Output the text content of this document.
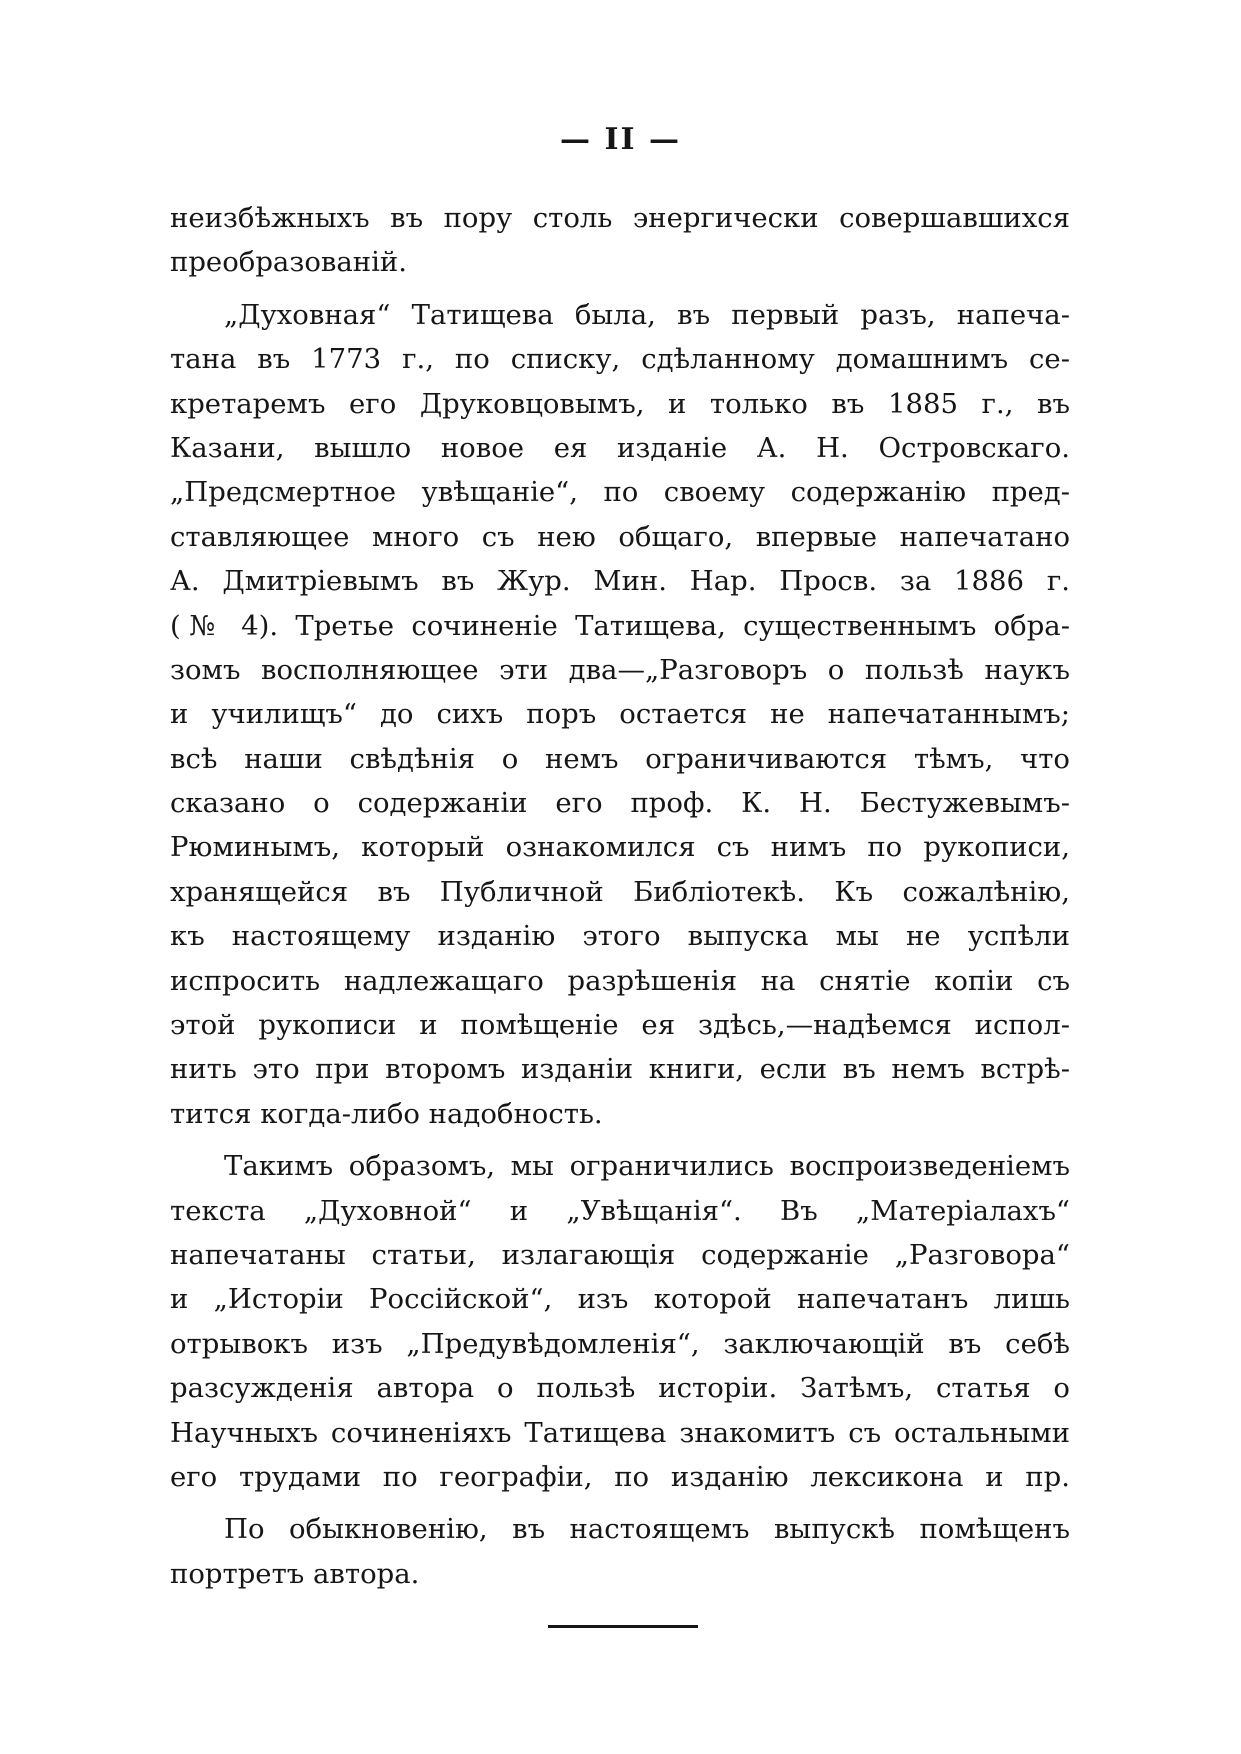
— II —
неизбѣжныхъ въ пору столь энергически совершавшихся
преобразованій.
„Духовная“ Татищева была, въ первый разъ, напеча-
тана въ 1773 г., по списку, сдѣланному домашнимъ се-
кретаремъ его Друковцовымъ, и только въ 1885 г., въ
Казани, вышло новое ея изданіе А. Н. Островскаго.
„Предсмертное увѣщаніе“, по своему содержанію пред-
ставляющее много съ нею общаго, впервые напечатано
А. Дмитріевымъ въ Жур. Мин. Нар. Просв. за 1886 г.
(№ 4). Третье сочиненіе Татищева, существеннымъ обра-
зомъ восполняющее эти два—„Разговоръ о пользѣ наукъ
и училищъ“ до сихъ поръ остается не напечатаннымъ;
всѣ наши свѣдѣнія о немъ ограничиваются тѣмъ, что
сказано о содержаніи его проф. К. Н. Бестужевымъ-
Рюминымъ, который ознакомился съ нимъ по рукописи,
хранящейся въ Публичной Библіотекѣ. Къ сожалѣнію,
къ настоящему изданію этого выпуска мы не успѣли
испросить надлежащаго разрѣшенія на снятіе копіи съ
этой рукописи и помѣщеніе ея здѣсь,—надѣемся испол-
нить это при второмъ изданіи книги, если въ немъ встрѣ-
тится когда-либо надобность.
Такимъ образомъ, мы ограничились воспроизведеніемъ
текста „Духовной“ и „Увѣщанія“. Въ „Матеріалахъ“
напечатаны статьи, излагающія содержаніе „Разговора“
и „Исторіи Россійской“, изъ которой напечатанъ лишь
отрывокъ изъ „Предувѣдомленія“, заключающій въ себѣ
разсужденія автора о пользѣ исторіи. Затѣмъ, статья о
Научныхъ сочиненіяхъ Татищева знакомитъ съ остальными
его трудами по географіи, по изданію лексикона и пр.
По обыкновенію, въ настоящемъ выпускѣ помѣщенъ
портретъ автора.
